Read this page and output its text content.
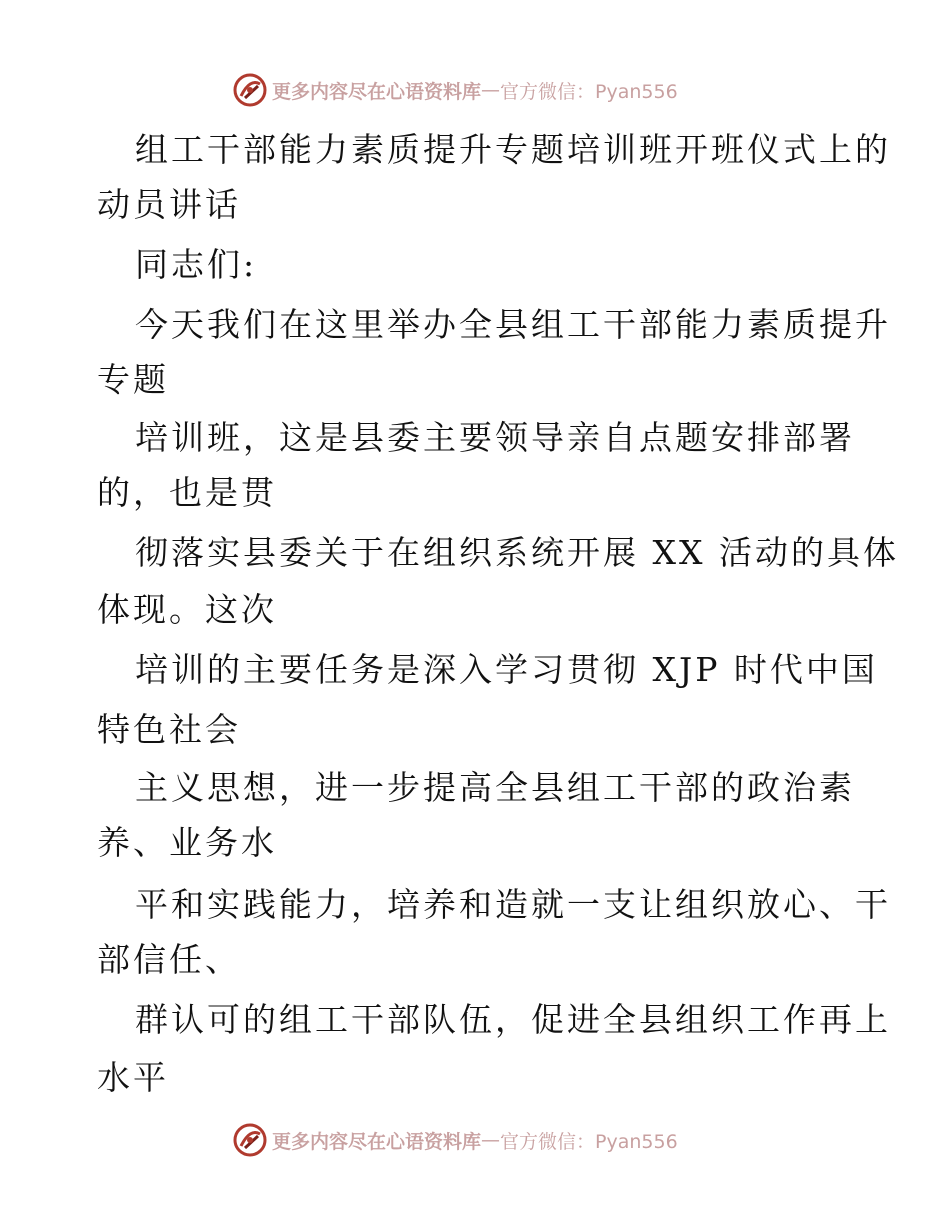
更多内容尽在心语资料库 — 官方微信：Pyan556
组工干部能力素质提升专题培训班开班仪式上的
动员讲话
同志们:
今天我们在这里举办全县组工干部能力素质提升
专题
培训班，这是县委主要领导亲自点题安排部署
的，也是贯
彻落实县委关于在组织系统开展 XX 活动的具体
体现。这次
培训的主要任务是深入学习贯彻 XJP 时代中国
特色社会
主义思想，进一步提高全县组工干部的政治素
养、业务水
平和实践能力，培养和造就一支让组织放心、干
部信任、
群认可的组工干部队伍，促进全县组织工作再上
水平
更多内容尽在心语资料库 — 官方微信：Pyan556
